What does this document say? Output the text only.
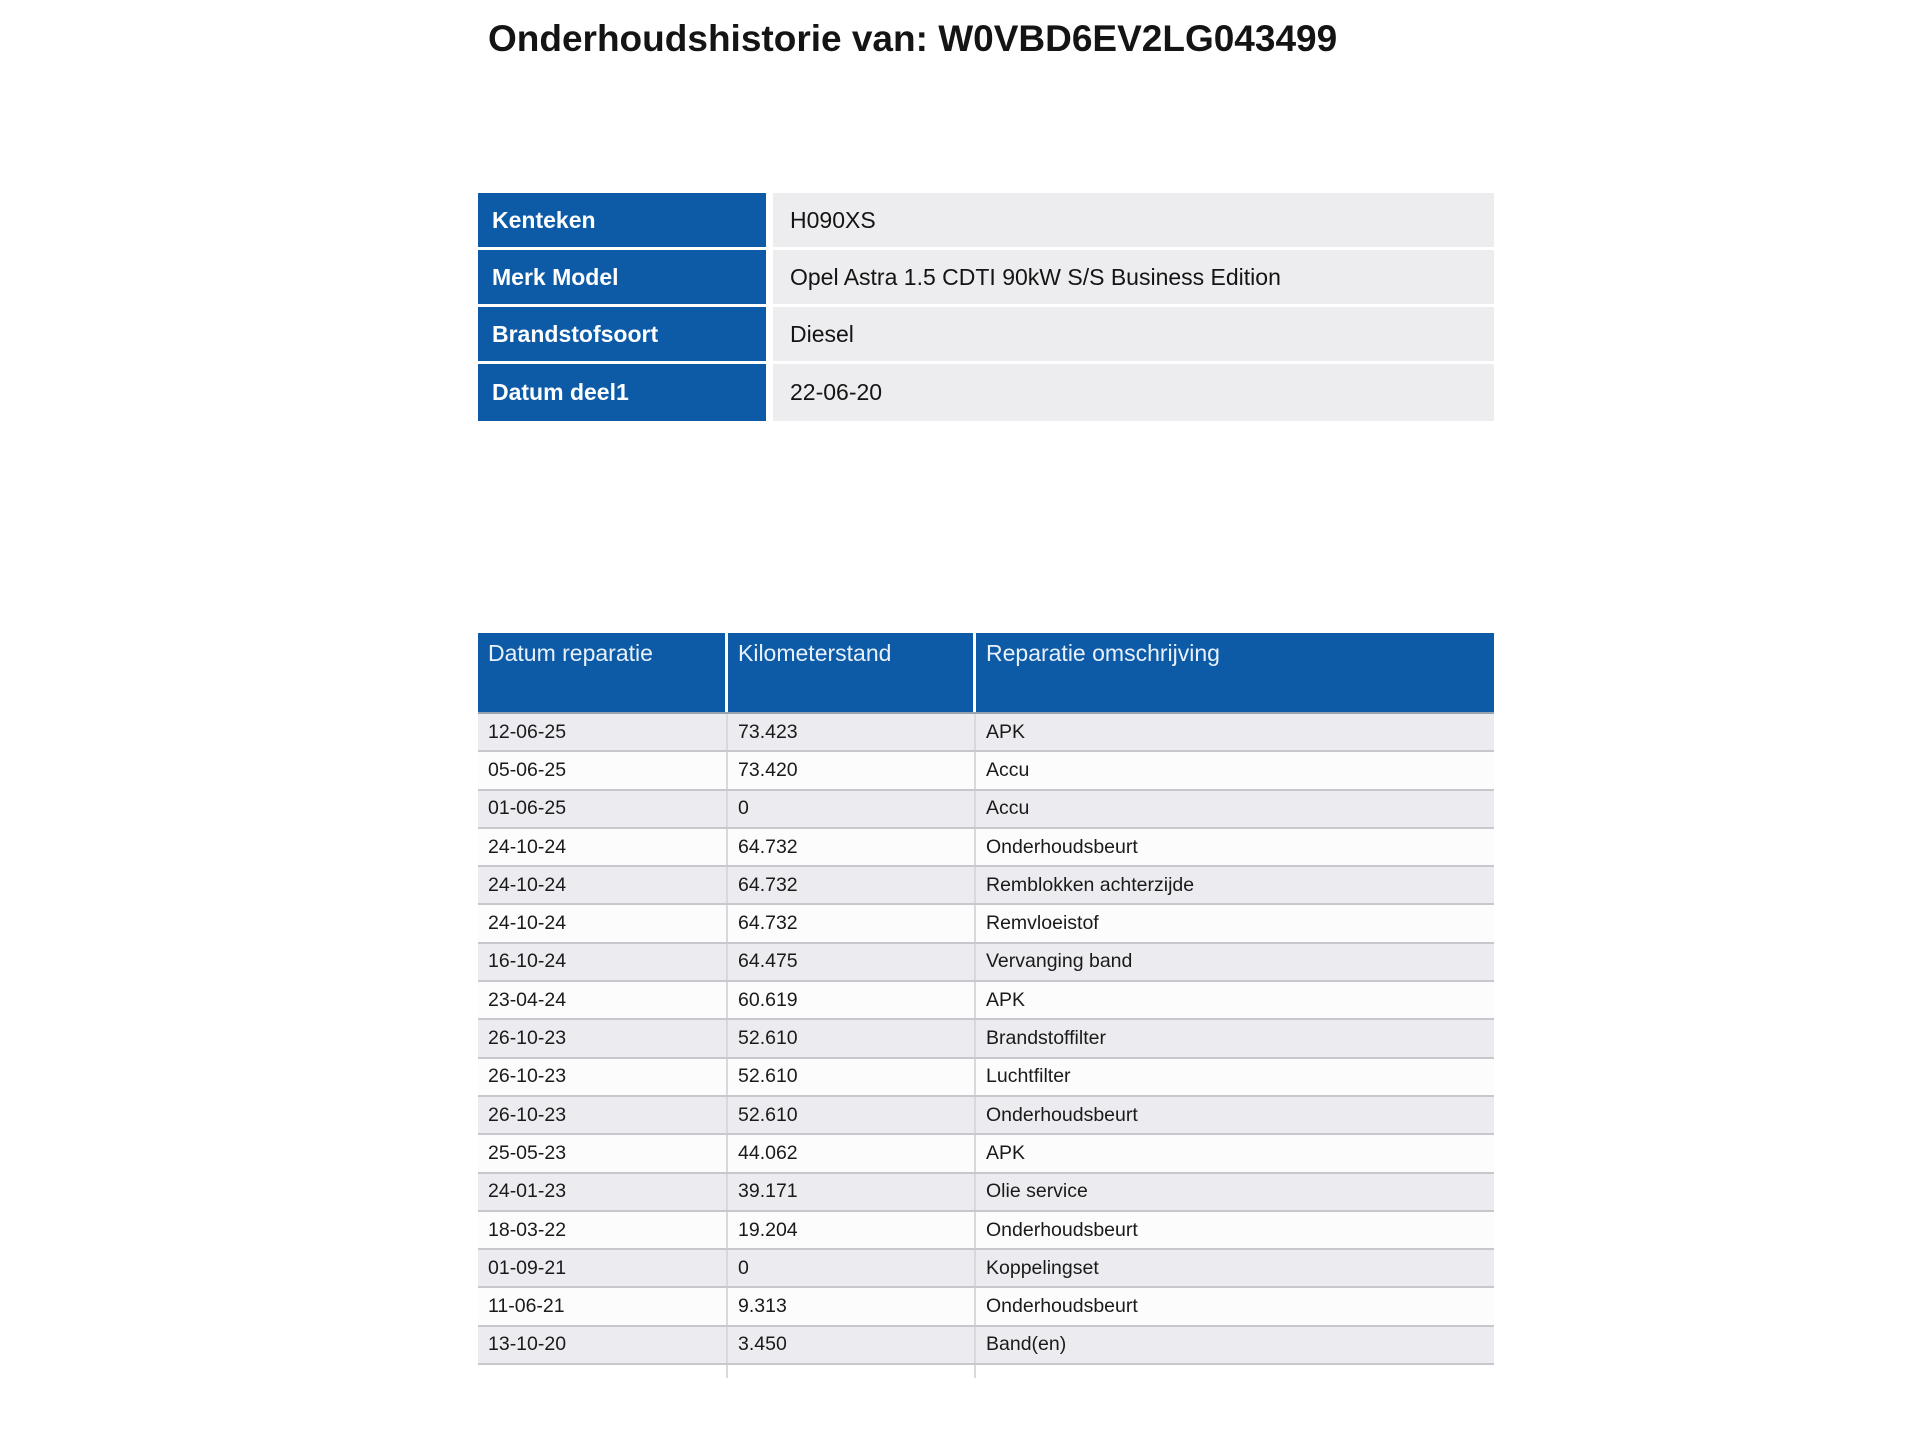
Onderhoudshistorie van: W0VBD6EV2LG043499
Kenteken	H090XS
Merk Model	Opel Astra 1.5 CDTI 90kW S/S Business Edition
Brandstofsoort	Diesel
Datum deel1	22-06-20
Datum reparatie	Kilometerstand	Reparatie omschrijving
12-06-25	73.423	APK
05-06-25	73.420	Accu
01-06-25	0	Accu
24-10-24	64.732	Onderhoudsbeurt
24-10-24	64.732	Remblokken achterzijde
24-10-24	64.732	Remvloeistof
16-10-24	64.475	Vervanging band
23-04-24	60.619	APK
26-10-23	52.610	Brandstoffilter
26-10-23	52.610	Luchtfilter
26-10-23	52.610	Onderhoudsbeurt
25-05-23	44.062	APK
24-01-23	39.171	Olie service
18-03-22	19.204	Onderhoudsbeurt
01-09-21	0	Koppelingset
11-06-21	9.313	Onderhoudsbeurt
13-10-20	3.450	Band(en)
